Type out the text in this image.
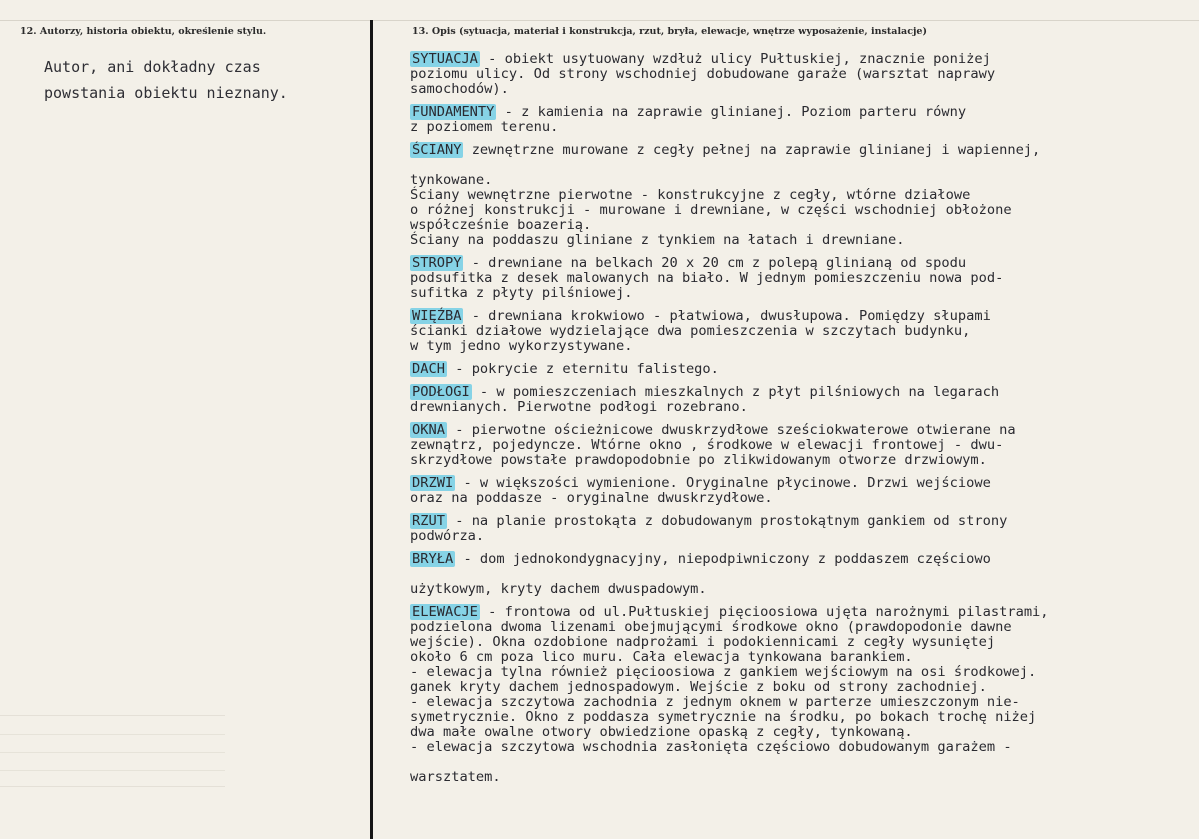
12. Autorzy, historia obiektu, określenie stylu.	13. Opis (sytuacja, materiał i konstrukcja, rzut, bryła, elewacje, wnętrze wyposażenie, instalacje)
Autor, ani dokładny czas
powstania obiektu nieznany.

SYTUACJA - obiekt usytuowany wzdłuż ulicy Pułtuskiej, znacznie poniżej
poziomu ulicy. Od strony wschodniej dobudowane garaże (warsztat naprawy
samochodów).

FUNDAMENTY - z kamienia na zaprawie glinianej. Poziom parteru równy
z poziomem terenu.

ŚCIANY zewnętrzne murowane z cegły pełnej na zaprawie glinianej i wapiennej,

tynkowane.
Ściany wewnętrzne pierwotne - konstrukcyjne z cegły, wtórne działowe
o różnej konstrukcji - murowane i drewniane, w części wschodniej obłożone
współcześnie boazerią.
Ściany na poddaszu gliniane z tynkiem na łatach i drewniane.

STROPY - drewniane na belkach 20 x 20 cm z polepą glinianą od spodu
podsufitka z desek malowanych na biało. W jednym pomieszczeniu nowa pod-
sufitka z płyty pilśniowej.

WIĘŹBA - drewniana krokwiowo - płatwiowa, dwusłupowa. Pomiędzy słupami
ścianki działowe wydzielające dwa pomieszczenia w szczytach budynku,
w tym jedno wykorzystywane.

DACH - pokrycie z eternitu falistego.

PODŁOGI - w pomieszczeniach mieszkalnych z płyt pilśniowych na legarach
drewnianych. Pierwotne podłogi rozebrano.

OKNA - pierwotne ościeżnicowe dwuskrzydłowe sześciokwaterowe otwierane na
zewnątrz, pojedyncze. Wtórne okno , środkowe w elewacji frontowej - dwu-
skrzydłowe powstałe prawdopodobnie po zlikwidowanym otworze drzwiowym.

DRZWI - w większości wymienione. Oryginalne płycinowe. Drzwi wejściowe
oraz na poddasze - oryginalne dwuskrzydłowe.

RZUT - na planie prostokąta z dobudowanym prostokątnym gankiem od strony
podwórza.

BRYŁA - dom jednokondygnacyjny, niepodpiwniczony z poddaszem częściowo

użytkowym, kryty dachem dwuspadowym.

ELEWACJE - frontowa od ul.Pułtuskiej pięcioosiowa ujęta narożnymi pilastrami,
podzielona dwoma lizenami obejmującymi środkowe okno (prawdopodonie dawne
wejście). Okna ozdobione nadprożami i podokiennicami z cegły wysuniętej
około 6 cm poza lico muru. Cała elewacja tynkowana barankiem.
- elewacja tylna również pięcioosiowa z gankiem wejściowym na osi środkowej.
ganek kryty dachem jednospadowym. Wejście z boku od strony zachodniej.
- elewacja szczytowa zachodnia z jednym oknem w parterze umieszczonym nie-
symetrycznie. Okno z poddasza symetrycznie na środku, po bokach trochę niżej
dwa małe owalne otwory obwiedzione opaską z cegły, tynkowaną.
- elewacja szczytowa wschodnia zasłonięta częściowo dobudowanym garażem -

warsztatem.
